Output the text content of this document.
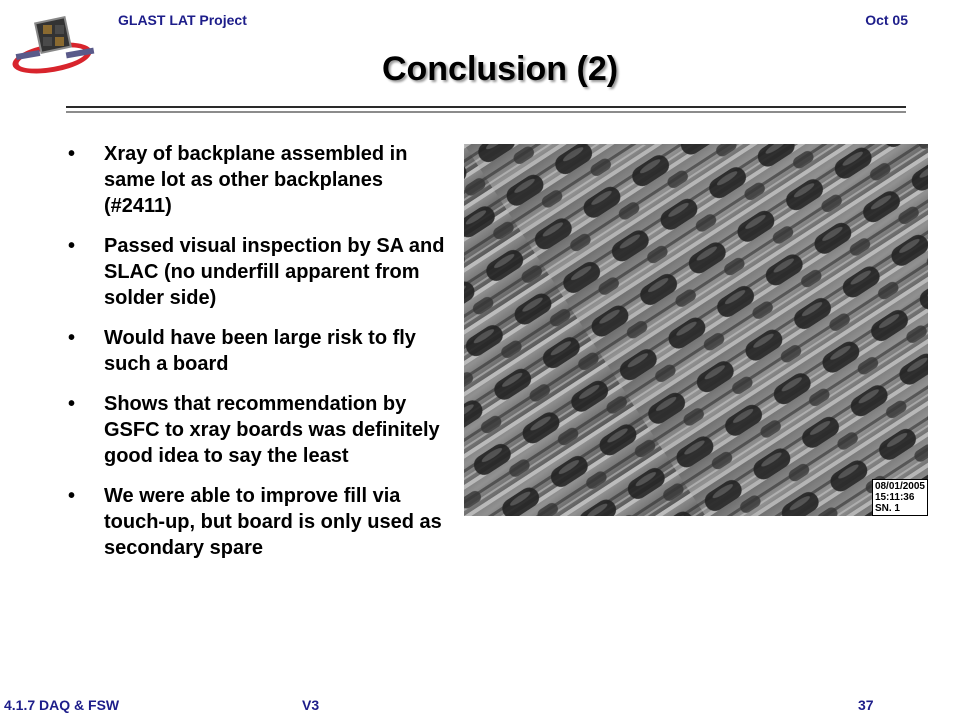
GLAST LAT Project	Oct 05
Conclusion (2)
• Xray of backplane assembled in same lot as other backplanes (#2411)
• Passed visual inspection by SA and SLAC (no underfill apparent from solder side)
• Would have been large risk to fly such a board
• Shows that recommendation by GSFC to xray boards was definitely good idea to say the least
• We were able to improve fill via touch-up, but board is only used as secondary spare
08/01/2005
15:11:36
SN. 1
4.1.7 DAQ & FSW	V3	37
